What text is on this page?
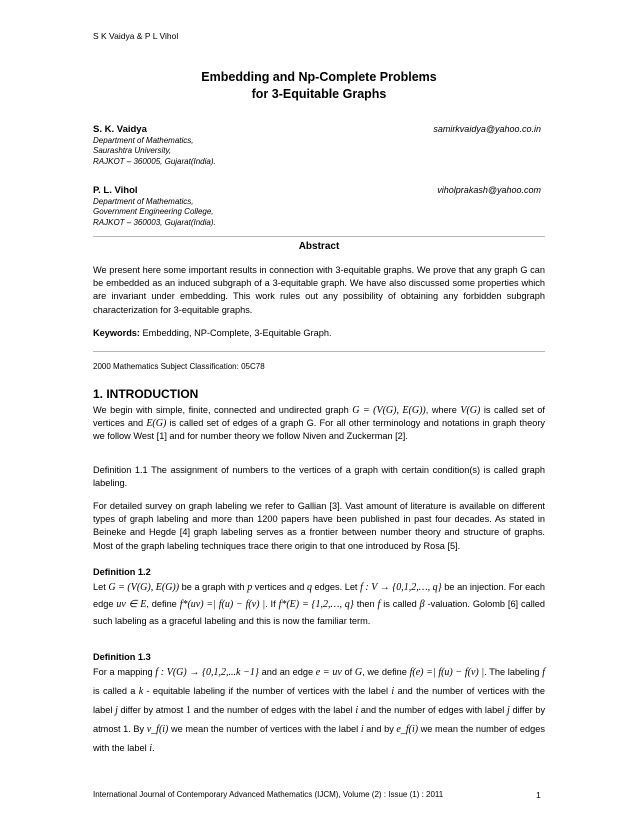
S K Vaidya & P L Vihol
Embedding and Np-Complete Problems
for 3-Equitable Graphs
S. K. Vaidya	samirkvaidya@yahoo.co.in
Department of Mathematics,
Saurashtra University,
RAJKOT – 360005, Gujarat(India).
P. L. Vihol	viholprakash@yahoo.com
Department of Mathematics,
Government Engineering College,
RAJKOT – 360003, Gujarat(India).
Abstract
We present here some important results in connection with 3-equitable graphs. We prove that any graph G can be embedded as an induced subgraph of a 3-equitable graph. We have also discussed some properties which are invariant under embedding. This work rules out any possibility of obtaining any forbidden subgraph characterization for 3-equitable graphs.
Keywords: Embedding, NP-Complete, 3-Equitable Graph.
2000 Mathematics Subject Classification: 05C78
1. INTRODUCTION
We begin with simple, finite, connected and undirected graph G = (V(G), E(G)), where V(G) is called set of vertices and E(G) is called set of edges of a graph G. For all other terminology and notations in graph theory we follow West [1] and for number theory we follow Niven and Zuckerman [2].
Definition 1.1 The assignment of numbers to the vertices of a graph with certain condition(s) is called graph labeling.
For detailed survey on graph labeling we refer to Gallian [3]. Vast amount of literature is available on different types of graph labeling and more than 1200 papers have been published in past four decades. As stated in Beineke and Hegde [4] graph labeling serves as a frontier between number theory and structure of graphs. Most of the graph labeling techniques trace there origin to that one introduced by Rosa [5].
Definition 1.2
Let G = (V(G), E(G)) be a graph with p vertices and q edges. Let f : V → {0,1,2,…, q} be an injection. For each edge uv ∈ E, define f*(uv) =| f(u) − f(v) |. If f*(E) = {1,2,…, q} then f is called β -valuation. Golomb [6] called such labeling as a graceful labeling and this is now the familiar term.
Definition 1.3
For a mapping f : V(G) → {0,1,2,...k −1} and an edge e = uv of G, we define f(e) =| f(u) − f(v) |. The labeling f is called a k - equitable labeling if the number of vertices with the label i and the number of vertices with the label j differ by atmost 1 and the number of edges with the label i and the number of edges with label j differ by atmost 1. By v_f(i) we mean the number of vertices with the label i and by e_f(i) we mean the number of edges with the label i.
International Journal of Contemporary Advanced Mathematics (IJCM), Volume (2) : Issue (1) : 2011	1
